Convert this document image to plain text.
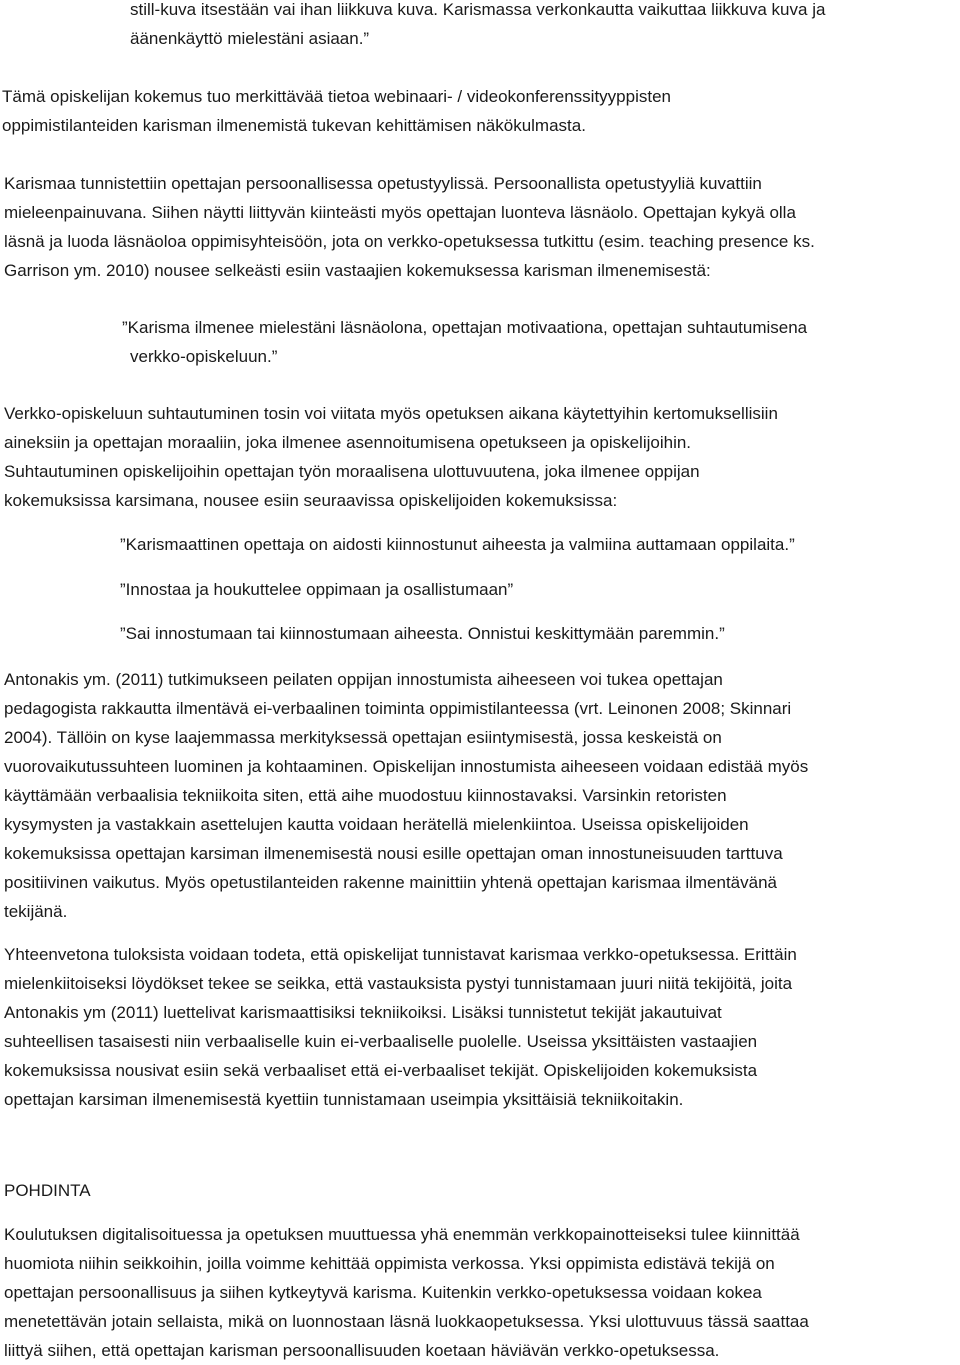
still-kuva itsestään vai ihan liikkuva kuva. Karismassa verkonkautta vaikuttaa liikkuva kuva ja
äänenkäyttö mielestäni asiaan.”
Tämä opiskelijan kokemus tuo merkittävää tietoa webinaari- / videokonferenssityyppisten
oppimistilanteiden karisman ilmenemistä tukevan kehittämisen näkökulmasta.
Karismaa tunnistettiin opettajan persoonallisessa opetustyylissä. Persoonallista opetustyyliä kuvattiin
mieleenpainuvana. Siihen näytti liittyvän kiinteästi myös opettajan luonteva läsnäolo. Opettajan kykyä olla
läsnä ja luoda läsnäoloa oppimisyhteisöön, jota on verkko-opetuksessa tutkittu (esim. teaching presence ks.
Garrison ym. 2010) nousee selkeästi esiin vastaajien kokemuksessa karisman ilmenemisestä:
”Karisma ilmenee mielestäni läsnäolona, opettajan motivaationa, opettajan suhtautumisena
verkko-opiskeluun.”
Verkko-opiskeluun suhtautuminen tosin voi viitata myös opetuksen aikana käytettyihin kertomuksellisiin
aineksiin ja opettajan moraaliin, joka ilmenee asennoitumisena opetukseen ja opiskelijoihin.
Suhtautuminen opiskelijoihin opettajan työn moraalisena ulottuvuutena, joka ilmenee oppijan
kokemuksissa karsimana, nousee esiin seuraavissa opiskelijoiden kokemuksissa:
”Karismaattinen opettaja on aidosti kiinnostunut aiheesta ja valmiina auttamaan oppilaita.”
”Innostaa ja houkuttelee oppimaan ja osallistumaan”
”Sai innostumaan tai kiinnostumaan aiheesta. Onnistui keskittymään paremmin.”
Antonakis ym. (2011) tutkimukseen peilaten oppijan innostumista aiheeseen voi tukea opettajan
pedagogista rakkautta ilmentävä ei-verbaalinen toiminta oppimistilanteessa (vrt. Leinonen 2008; Skinnari
2004). Tällöin on kyse laajemmassa merkityksessä opettajan esiintymisestä, jossa keskeistä on
vuorovaikutussuhteen luominen ja kohtaaminen. Opiskelijan innostumista aiheeseen voidaan edistää myös
käyttämään verbaalisia tekniikoita siten, että aihe muodostuu kiinnostavaksi. Varsinkin retoristen
kysymysten ja vastakkain asettelujen kautta voidaan herätellä mielenkiintoa. Useissa opiskelijoiden
kokemuksissa opettajan karsiman ilmenemisestä nousi esille opettajan oman innostuneisuuden tarttuva
positiivinen vaikutus. Myös opetustilanteiden rakenne mainittiin yhtenä opettajan karismaa ilmentävänä
tekijänä.
Yhteenvetona tuloksista voidaan todeta, että opiskelijat tunnistavat karismaa verkko-opetuksessa. Erittäin
mielenkiitoiseksi löydökset tekee se seikka, että vastauksista pystyi tunnistamaan juuri niitä tekijöitä, joita
Antonakis ym (2011) luettelivat karismaattisiksi tekniikoiksi. Lisäksi tunnistetut tekijät jakautuivat
suhteellisen tasaisesti niin verbaaliselle kuin ei-verbaaliselle puolelle. Useissa yksittäisten vastaajien
kokemuksissa nousivat esiin sekä verbaaliset että ei-verbaaliset tekijät. Opiskelijoiden kokemuksista
opettajan karsiman ilmenemisestä kyettiin tunnistamaan useimpia yksittäisiä tekniikoitakin.
POHDINTA
Koulutuksen digitalisoituessa ja opetuksen muuttuessa yhä enemmän verkkopainotteiseksi tulee kiinnittää
huomiota niihin seikkoihin, joilla voimme kehittää oppimista verkossa. Yksi oppimista edistävä tekijä on
opettajan persoonallisuus ja siihen kytkeytyvä karisma. Kuitenkin verkko-opetuksessa voidaan kokea
menetettävän jotain sellaista, mikä on luonnostaan läsnä luokkaopetuksessa. Yksi ulottuvuus tässä saattaa
liittyä siihen, että opettajan karisman persoonallisuuden koetaan häviävän verkko-opetuksessa.
